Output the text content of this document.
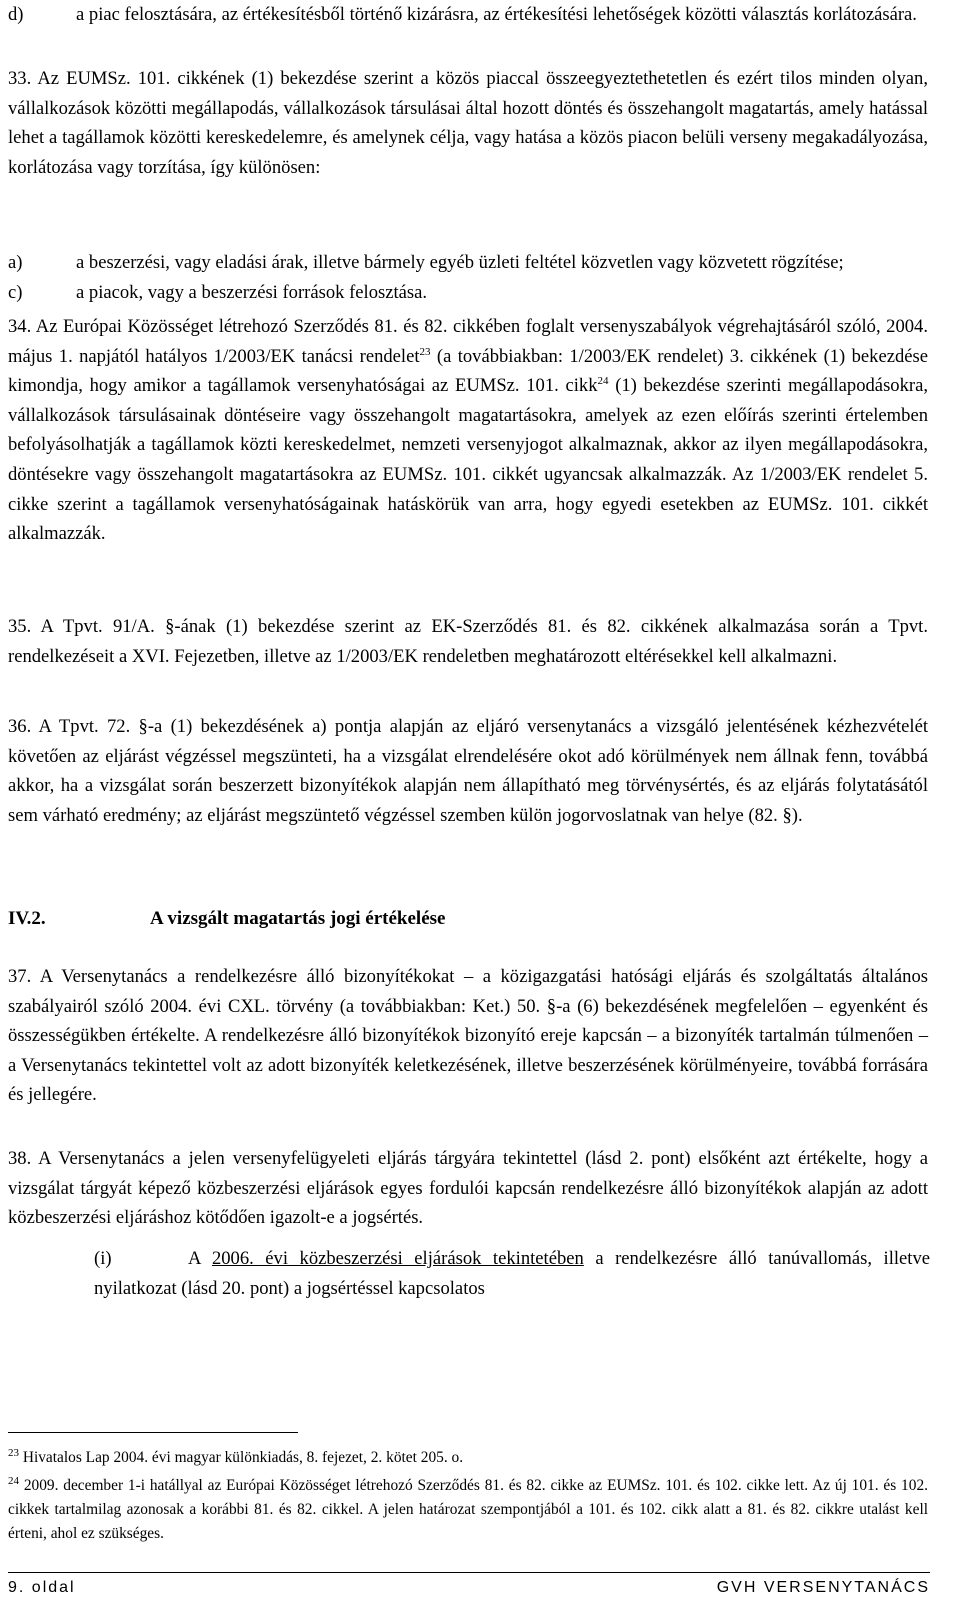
d)	a piac felosztására, az értékesítésből történő kizárásra, az értékesítési lehetőségek közötti választás korlátozására.

33. Az EUMSz. 101. cikkének (1) bekezdése szerint a közös piaccal összeegyeztethetetlen és ezért tilos minden olyan, vállalkozások közötti megállapodás, vállalkozások társulásai által hozott döntés és összehangolt magatartás, amely hatással lehet a tagállamok közötti kereskedelemre, és amelynek célja, vagy hatása a közös piacon belüli verseny megakadályozása, korlátozása vagy torzítása, így különösen:

a)	a beszerzési, vagy eladási árak, illetve bármely egyéb üzleti feltétel közvetlen vagy közvetett rögzítése;

c)	a piacok, vagy a beszerzési források felosztása.

34. Az Európai Közösséget létrehozó Szerződés 81. és 82. cikkében foglalt versenyszabályok végrehajtásáról szóló, 2004. május 1. napjától hatályos 1/2003/EK tanácsi rendelet$^{23}$ (a továbbiakban: 1/2003/EK rendelet) 3. cikkének (1) bekezdése kimondja, hogy amikor a tagállamok versenyhatóságai az EUMSz. 101. cikk$^{24}$ (1) bekezdése szerinti megállapodásokra, vállalkozások társulásainak döntéseire vagy összehangolt magatartásokra, amelyek az ezen előírás szerinti értelemben befolyásolhatják a tagállamok közti kereskedelmet, nemzeti versenyjogot alkalmaznak, akkor az ilyen megállapodásokra, döntésekre vagy összehangolt magatartásokra az EUMSz. 101. cikkét ugyancsak alkalmazzák. Az 1/2003/EK rendelet 5. cikke szerint a tagállamok versenyhatóságainak hatáskörük van arra, hogy egyedi esetekben az EUMSz. 101. cikkét alkalmazzák.

35. A Tpvt. 91/A. §-ának (1) bekezdése szerint az EK-Szerződés 81. és 82. cikkének alkalmazása során a Tpvt. rendelkezéseit a XVI. Fejezetben, illetve az 1/2003/EK rendeletben meghatározott eltérésekkel kell alkalmazni.

36. A Tpvt. 72. §-a (1) bekezdésének a) pontja alapján az eljáró versenytanács a vizsgáló jelentésének kézhezvételét követően az eljárást végzéssel megszünteti, ha a vizsgálat elrendelésére okot adó körülmények nem állnak fenn, továbbá akkor, ha a vizsgálat során beszerzett bizonyítékok alapján nem állapítható meg törvénysértés, és az eljárás folytatásától sem várható eredmény; az eljárást megszüntető végzéssel szemben külön jogorvoslatnak van helye (82. §).

IV.2.	A vizsgált magatartás jogi értékelése

37. A Versenytanács a rendelkezésre álló bizonyítékokat – a közigazgatási hatósági eljárás és szolgáltatás általános szabályairól szóló 2004. évi CXL. törvény (a továbbiakban: Ket.) 50. §-a (6) bekezdésének megfelelően – egyenként és összességükben értékelte. A rendelkezésre álló bizonyítékok bizonyító ereje kapcsán – a bizonyíték tartalmán túlmenően – a Versenytanács tekintettel volt az adott bizonyíték keletkezésének, illetve beszerzésének körülményeire, továbbá forrására és jellegére.

38. A Versenytanács a jelen versenyfelügyeleti eljárás tárgyára tekintettel (lásd 2. pont) elsőként azt értékelte, hogy a vizsgálat tárgyát képező közbeszerzési eljárások egyes fordulói kapcsán rendelkezésre álló bizonyítékok alapján az adott közbeszerzési eljáráshoz kötődően igazolt-e a jogsértés.

(i)	A 2006. évi közbeszerzési eljárások tekintetében a rendelkezésre álló tanúvallomás, illetve nyilatkozat (lásd 20. pont) a jogsértéssel kapcsolatos

$^{23}$ Hivatalos Lap 2004. évi magyar különkiadás, 8. fejezet, 2. kötet 205. o.

$^{24}$ 2009. december 1-i hatállyal az Európai Közösséget létrehozó Szerződés 81. és 82. cikke az EUMSz. 101. és 102. cikke lett. Az új 101. és 102. cikkek tartalmilag azonosak a korábbi 81. és 82. cikkel. A jelen határozat szempontjából a 101. és 102. cikk alatt a 81. és 82. cikkre utalást kell érteni, ahol ez szükséges.

9. oldal	GVH VERSENYTANÁCS
